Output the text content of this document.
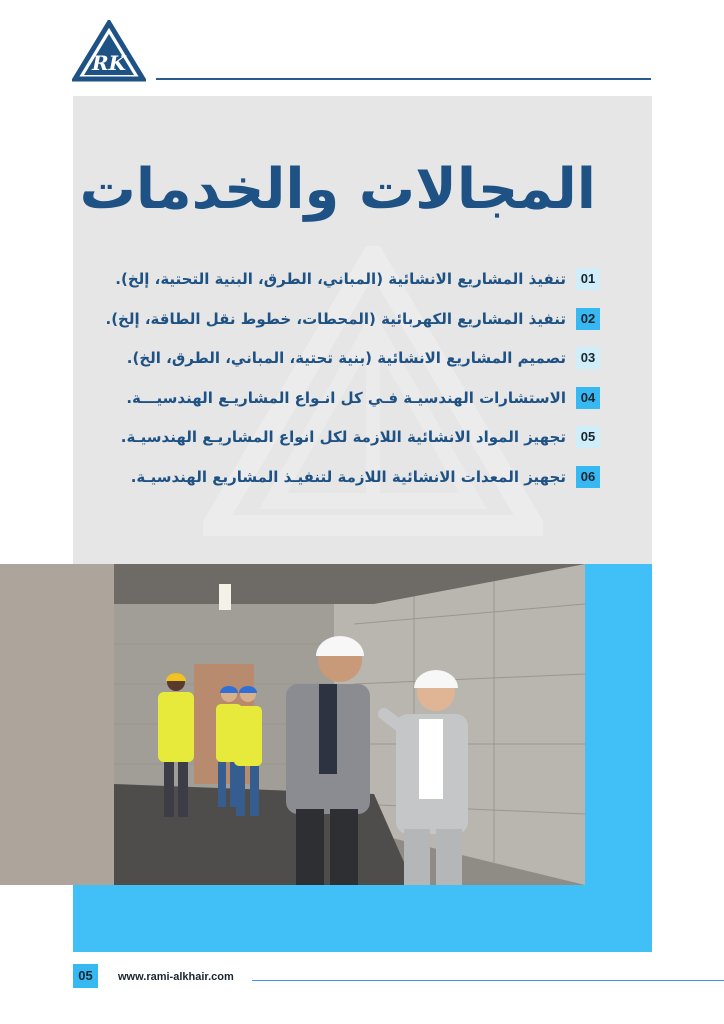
RK
المجالات والخدمات
01
تنفيذ المشاريع الانشائية (المباني، الطرق، البنية التحتية، إلخ).
02
تنفيذ المشاريع الكهربائية (المحطات، خطوط نقل الطاقة، إلخ).
03
تصميم المشاريع الانشائية (بنية تحتية، المباني، الطرق، الخ).
04
الاستشارات الهندسيـة فـي كل انـواع المشاريـع الهندسيـــة.
05
تجهيز المواد الانشائية اللازمة لكل انواع المشاريـع الهندسيـة.
06
تجهيز المعدات الانشائية اللازمة لتنفيـذ المشاريع الهندسيـة.
05	www.rami-alkhair.com
